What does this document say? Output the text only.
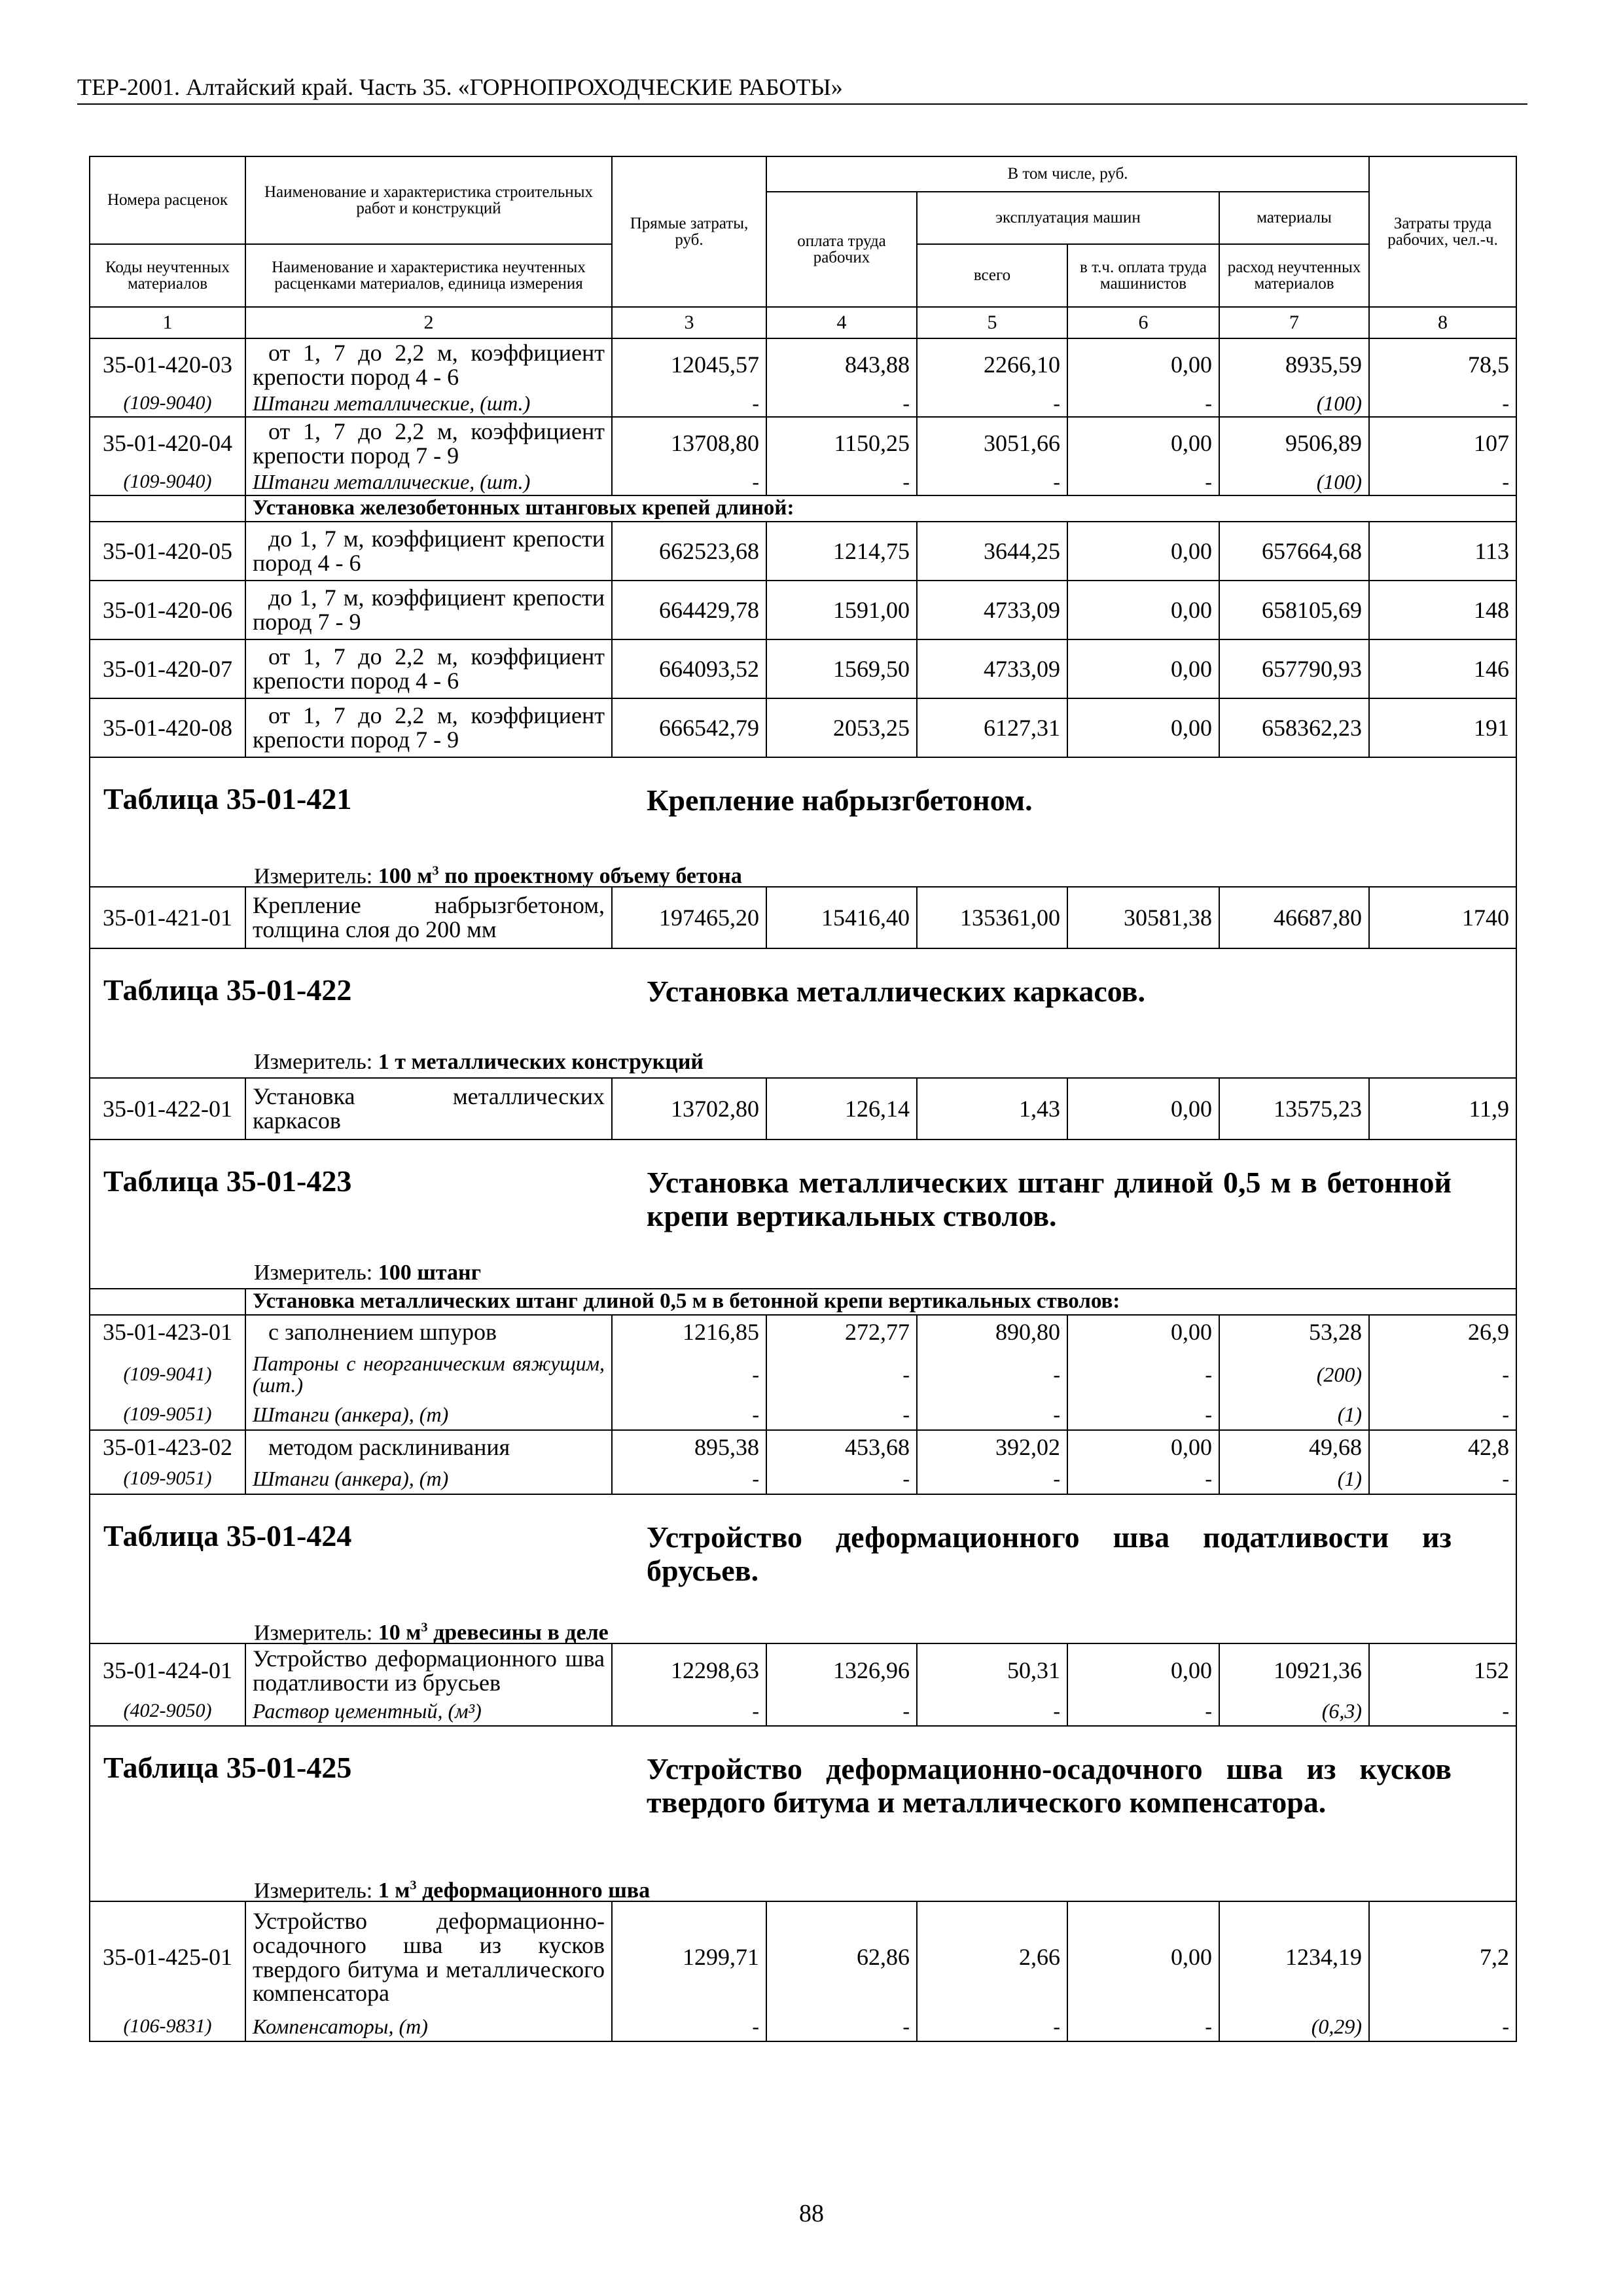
ТЕР-2001. Алтайский край. Часть 35. «ГОРНОПРОХОДЧЕСКИЕ РАБОТЫ»
Номера расценок	Наименование и характеристика строительных работ и конструкций	Прямые затраты, руб.	В том числе, руб.				Затраты труда рабочих, чел.-ч.
			оплата труда рабочих	эксплуатация машин		материалы	
Коды неучтенных материалов	Наименование и характеристика неучтенных расценками материалов, единица измерения			всего	в т.ч. оплата труда машинистов	расход неучтенных материалов	
1	2	3	4	5	6	7	8
35-01-420-03	от 1, 7 до 2,2 м, коэффициент крепости пород 4 - 6	12045,57	843,88	2266,10	0,00	8935,59	78,5
(109-9040)	Штанги металлические, (шт.)	-	-	-	-	(100)	-
35-01-420-04	от 1, 7 до 2,2 м, коэффициент крепости пород 7 - 9	13708,80	1150,25	3051,66	0,00	9506,89	107
(109-9040)	Штанги металлические, (шт.)	-	-	-	-	(100)	-
	Установка железобетонных штанговых крепей длиной:						
35-01-420-05	до 1, 7 м, коэффициент крепости пород 4 - 6	662523,68	1214,75	3644,25	0,00	657664,68	113
35-01-420-06	до 1, 7 м, коэффициент крепости пород 7 - 9	664429,78	1591,00	4733,09	0,00	658105,69	148
35-01-420-07	от 1, 7 до 2,2 м, коэффициент крепости пород 4 - 6	664093,52	1569,50	4733,09	0,00	657790,93	146
35-01-420-08	от 1, 7 до 2,2 м, коэффициент крепости пород 7 - 9	666542,79	2053,25	6127,31	0,00	658362,23	191

Таблица 35-01-421 Крепление набрызгбетоном.
Измеритель: 100 $м^3$ по проектному объему бетона							

35-01-421-01	Крепление набрызгбетоном, толщина слоя до 200 мм	197465,20	15416,40	135361,00	30581,38	46687,80	1740

Таблица 35-01-422 Установка металлических каркасов.
Измеритель: 1 т металлических конструкций							

35-01-422-01	Установка металлических каркасов	13702,80	126,14	1,43	0,00	13575,23	11,9

Таблица 35-01-423 Установка металлических штанг длиной 0,5 м в бетонной крепи вертикальных стволов.
Измеритель: 100 штанг							

	Установка металлических штанг длиной 0,5 м в бетонной крепи вертикальных стволов:						
35-01-423-01	с заполнением шпуров	1216,85	272,77	890,80	0,00	53,28	26,9
(109-9041)	Патроны с неорганическим вяжущим, (шт.)	-	-	-	-	(200)	-
(109-9051)	Штанги (анкера), (т)	-	-	-	-	(1)	-
35-01-423-02	методом расклинивания	895,38	453,68	392,02	0,00	49,68	42,8
(109-9051)	Штанги (анкера), (т)	-	-	-	-	(1)	-

Таблица 35-01-424 Устройство деформационного шва податливости из брусьев.
Измеритель: 10 $м^3$ древесины в деле							

35-01-424-01	Устройство деформационного шва податливости из брусьев	12298,63	1326,96	50,31	0,00	10921,36	152
(402-9050)	Раствор цементный, (м³)	-	-	-	-	(6,3)	-

Таблица 35-01-425 Устройство деформационно-осадочного шва из кусков твердого битума и металлического компенсатора.
Измеритель: 1 $м^3$ деформационного шва							

35-01-425-01	Устройство деформационно-осадочного шва из кусков твердого битума и металлического компенсатора	1299,71	62,86	2,66	0,00	1234,19	7,2
(106-9831)	Компенсаторы, (т)	-	-	-	-	(0,29)	-
88
